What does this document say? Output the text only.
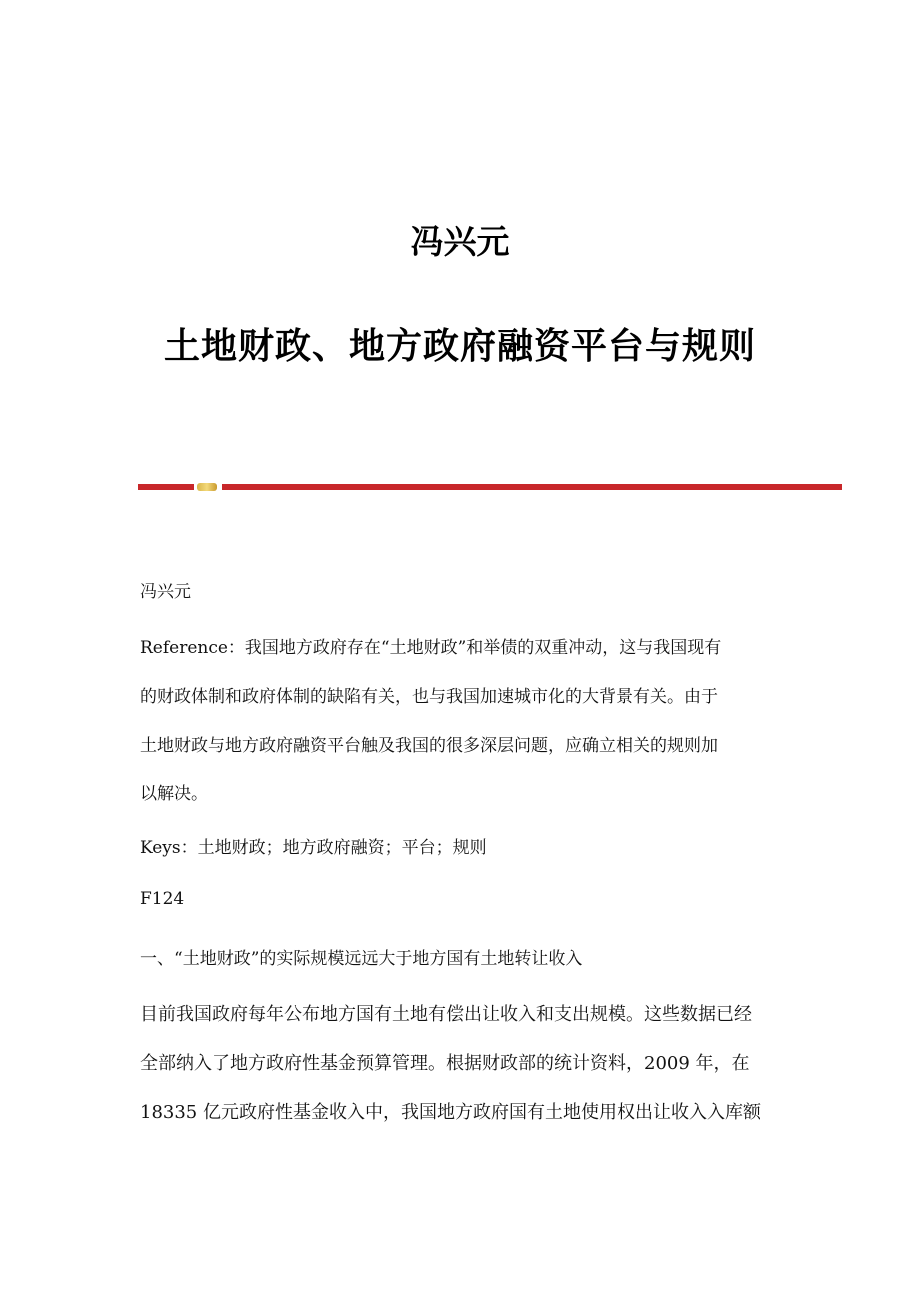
冯兴元
土地财政、地方政府融资平台与规则
冯兴元
Reference：我国地方政府存在“土地财政”和举债的双重冲动，这与我国现有
的财政体制和政府体制的缺陷有关，也与我国加速城市化的大背景有关。由于
土地财政与地方政府融资平台触及我国的很多深层问题，应确立相关的规则加
以解决。
Keys：土地财政；地方政府融资；平台；规则
F124
一、“土地财政”的实际规模远远大于地方国有土地转让收入
目前我国政府每年公布地方国有土地有偿出让收入和支出规模。这些数据已经
全部纳入了地方政府性基金预算管理。根据财政部的统计资料，2009 年，在
18335 亿元政府性基金收入中，我国地方政府国有土地使用权出让收入入库额
